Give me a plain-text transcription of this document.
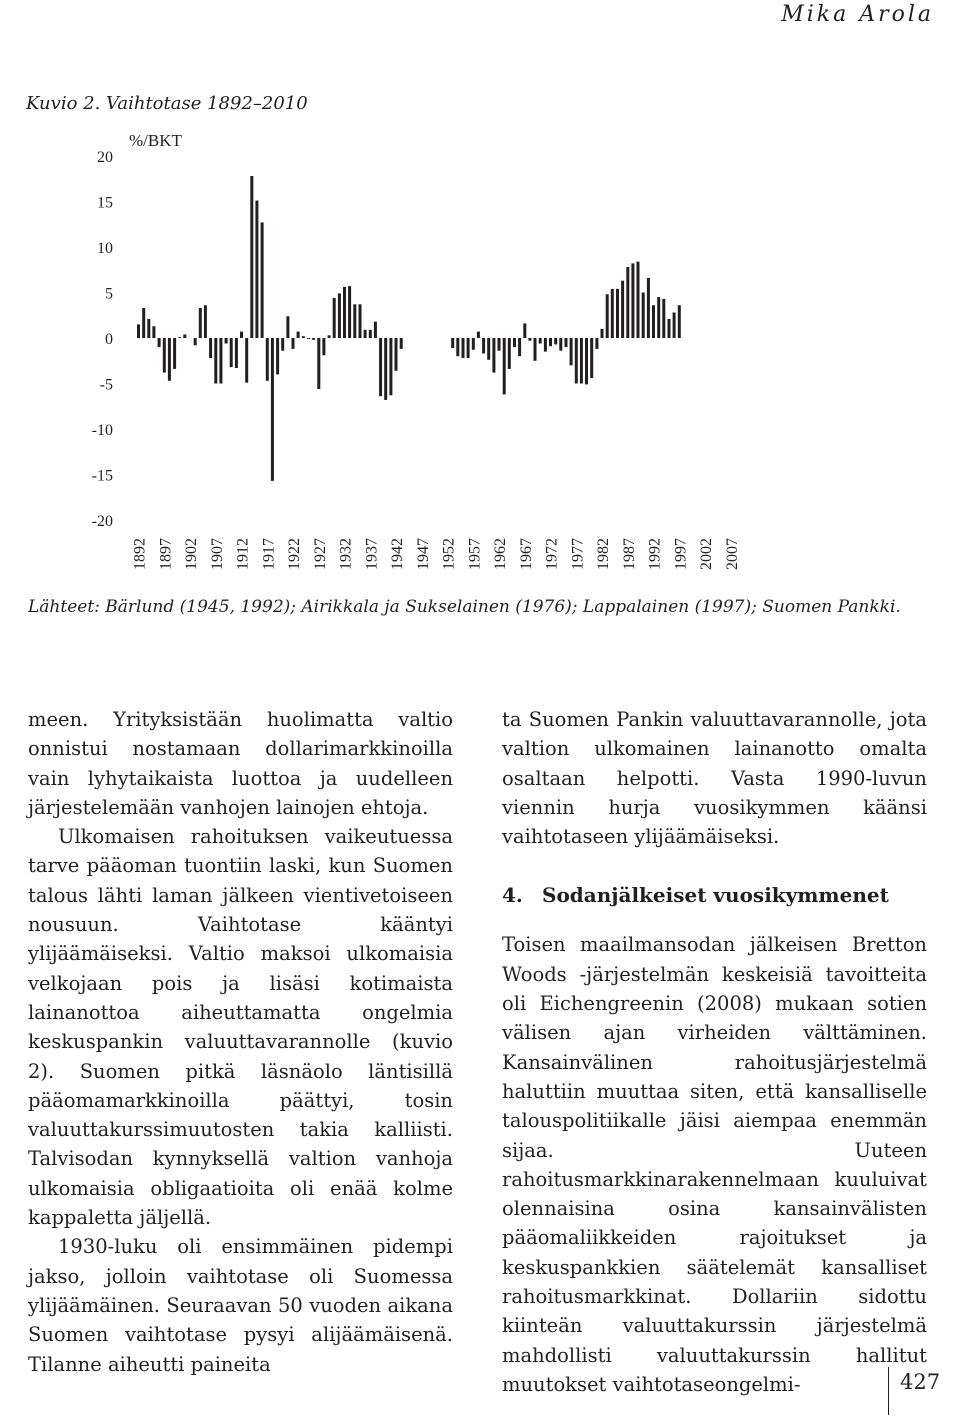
Mika Arola
Kuvio 2. Vaihtotase 1892–2010
20
15
10
5
0
-5
-10
-15
-20
1892 1897 1902 1907 1912 1917 1922 1927 1932 1937 1942 1947 1952 1957 1962 1967 1972 1977 1982 1987 1992 1997 2002 2007
%/BKT
Lähteet: Bärlund (1945, 1992); Airikkala ja Sukselainen (1976); Lappalainen (1997); Suomen Pankki.

meen. Yrityksistään huolimatta valtio onnistui nostamaan dollarimarkkinoilla vain lyhytaikaista luottoa ja uudelleen järjestelemään vanhojen lainojen ehtoja.

Ulkomaisen rahoituksen vaikeutuessa tarve pääoman tuontiin laski, kun Suomen talous lähti laman jälkeen vientivetoiseen nousuun. Vaihtotase kääntyi ylijäämäiseksi. Valtio maksoi ulkomaisia velkojaan pois ja lisäsi kotimaista lainanottoa aiheuttamatta ongelmia keskuspankin valuuttavarannolle (kuvio 2). Suomen pitkä läsnäolo läntisillä pääomamarkkinoilla päättyi, tosin valuuttakurssimuutosten takia kalliisti. Talvisodan kynnyksellä valtion vanhoja ulkomaisia obligaatioita oli enää kolme kappaletta jäljellä.

1930-luku oli ensimmäinen pidempi jakso, jolloin vaihtotase oli Suomessa ylijäämäinen. Seuraavan 50 vuoden aikana Suomen vaihtotase pysyi alijäämäisenä. Tilanne aiheutti paineita

ta Suomen Pankin valuuttavarannolle, jota valtion ulkomainen lainanotto omalta osaltaan helpotti. Vasta 1990-luvun viennin hurja vuosikymmen käänsi vaihtotaseen ylijäämäiseksi.

4. Sodanjälkeiset vuosikymmenet

Toisen maailmansodan jälkeisen Bretton Woods -järjestelmän keskeisiä tavoitteita oli Eichengreenin (2008) mukaan sotien välisen ajan virheiden välttäminen. Kansainvälinen rahoitusjärjestelmä haluttiin muuttaa siten, että kansalliselle talouspolitiikalle jäisi aiempaa enemmän sijaa. Uuteen rahoitusmarkkinarakennelmaan kuuluivat olennaisina osina kansainvälisten pääomaliikkeiden rajoitukset ja keskuspankkien säätelemät kansalliset rahoitusmarkkinat. Dollariin sidottu kiinteän valuuttakurssin järjestelmä mahdollisti valuuttakurssin hallitut muutokset vaihtotaseongelmi-	427
